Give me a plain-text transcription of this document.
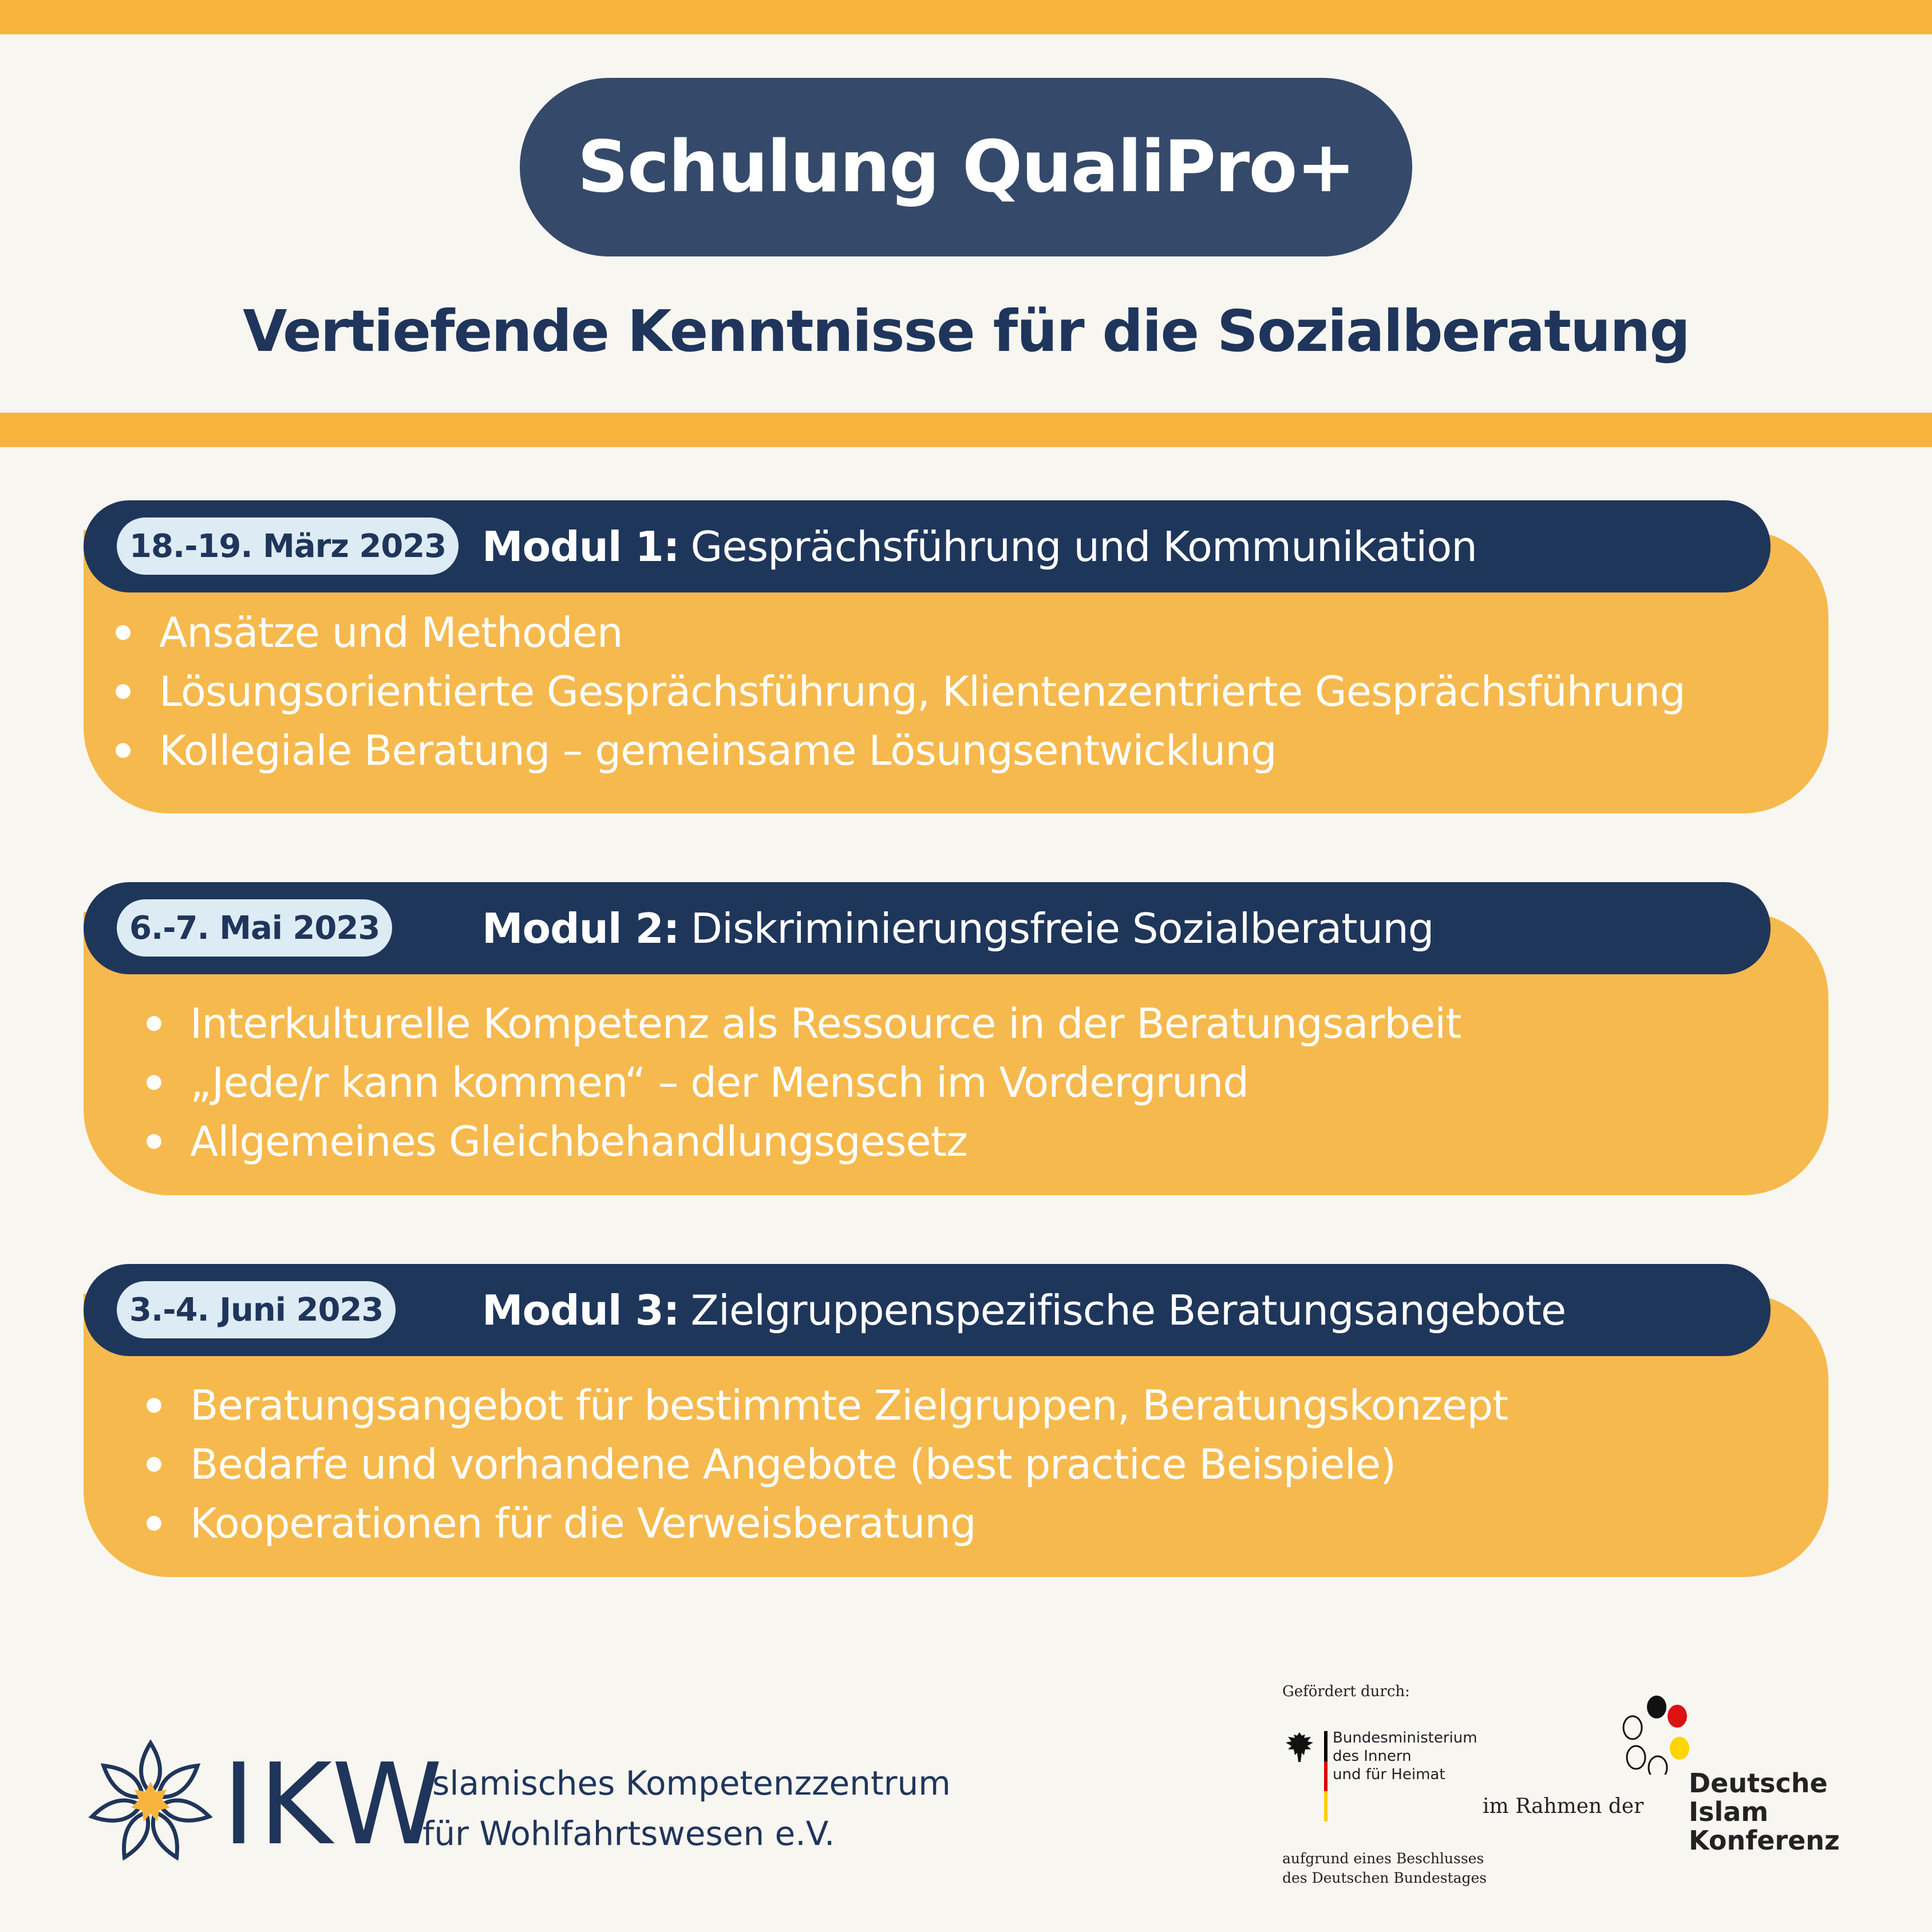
Schulung QualiPro+
Vertiefende Kenntnisse für die Sozialberatung
18.-19. März 2023 Modul 1: Gesprächsführung und Kommunikation
Ansätze und Methoden
Lösungsorientierte Gesprächsführung, Klientenzentrierte Gesprächsführung
Kollegiale Beratung – gemeinsame Lösungsentwicklung
6.-7. Mai 2023	Modul 2: Diskriminierungsfreie Sozialberatung
Interkulturelle Kompetenz als Ressource in der Beratungsarbeit
„Jede/r kann kommen“ – der Mensch im Vordergrund
Allgemeines Gleichbehandlungsgesetz
3.-4. Juni 2023	Modul 3: Zielgruppenspezifische Beratungsangebote
Beratungsangebot für bestimmte Zielgruppen, Beratungskonzept
Bedarfe und vorhandene Angebote (best practice Beispiele)
Kooperationen für die Verweisberatung
IKW
Islamisches Kompetenzzentrum
für Wohlfahrtswesen e.V.
Gefördert durch:
Bundesministerium
des Innern
und für Heimat
aufgrund eines Beschlusses
des Deutschen Bundestages
im Rahmen der
Deutsche
Islam
Konferenz
